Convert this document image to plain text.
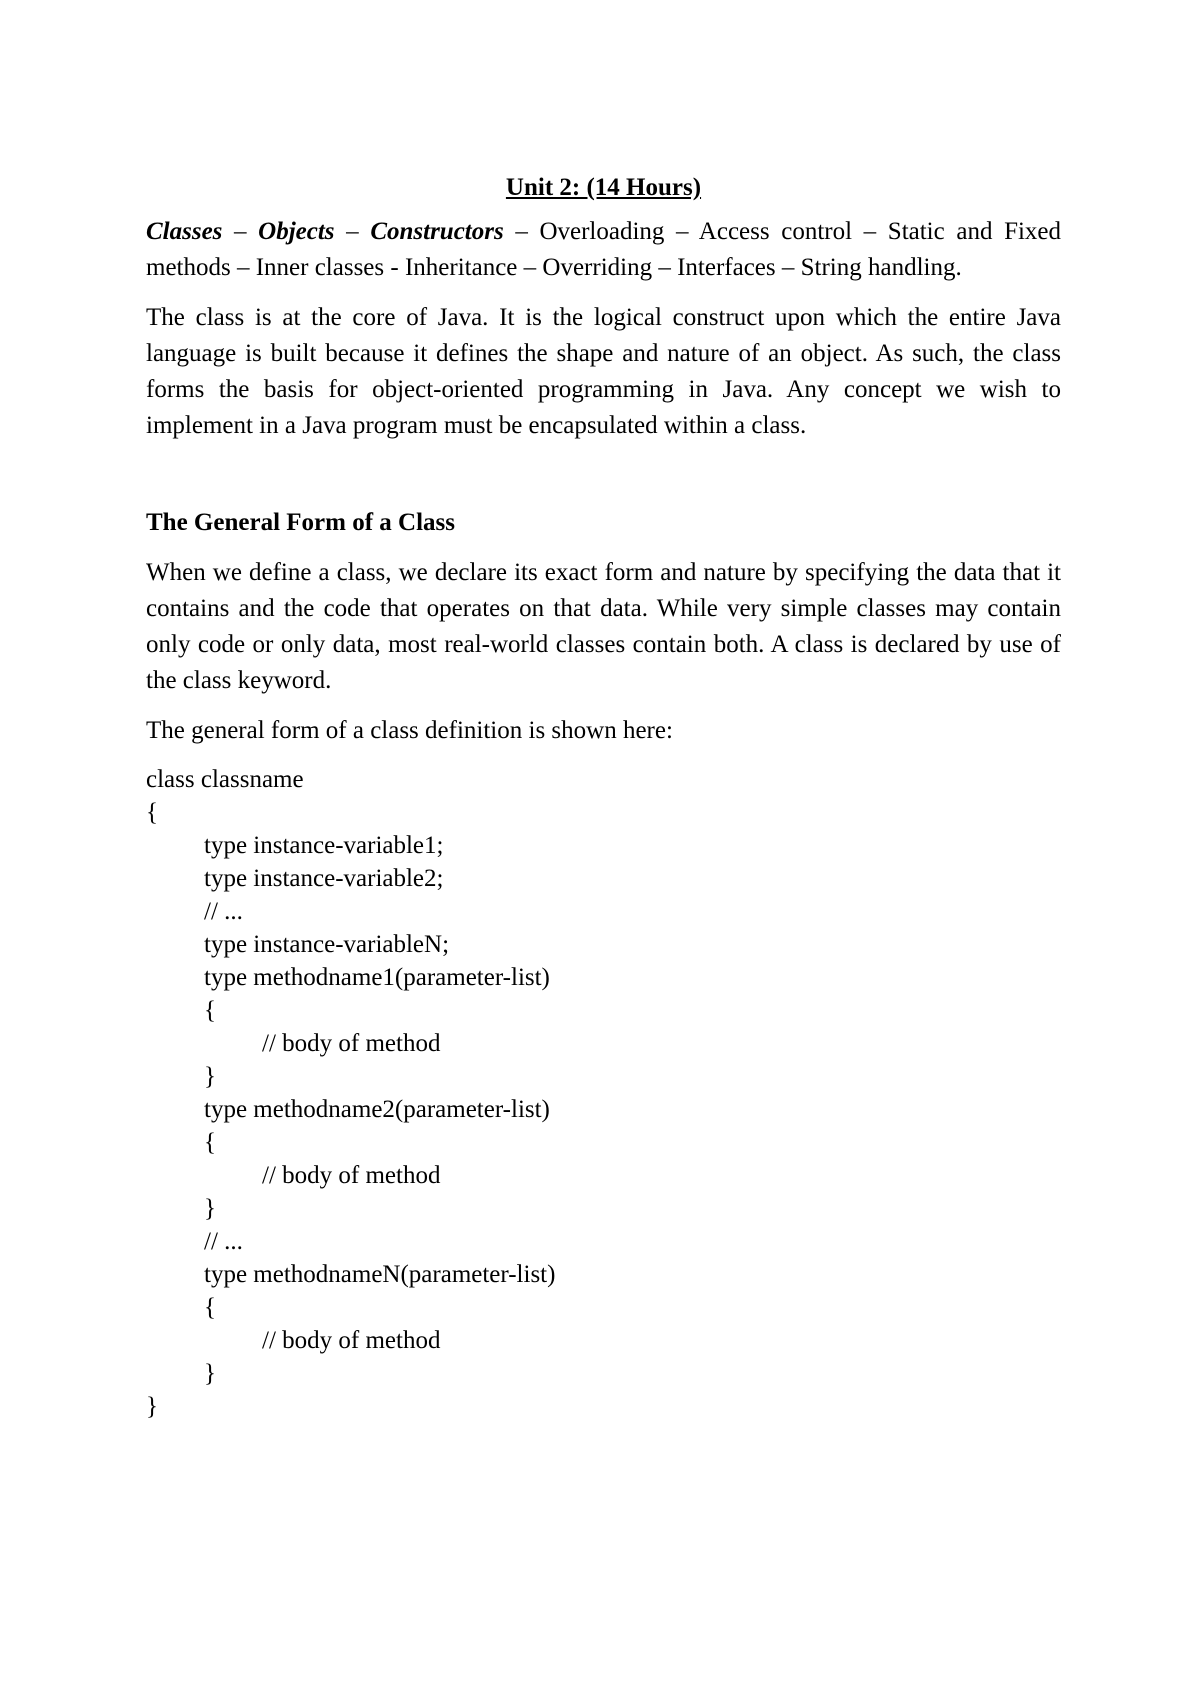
Unit 2: (14 Hours)

Classes – Objects – Constructors – Overloading – Access control – Static and Fixed methods – Inner classes - Inheritance – Overriding – Interfaces – String handling.

The class is at the core of Java. It is the logical construct upon which the entire Java language is built because it defines the shape and nature of an object. As such, the class forms the basis for object-oriented programming in Java. Any concept we wish to implement in a Java program must be encapsulated within a class.

The General Form of a Class

When we define a class, we declare its exact form and nature by specifying the data that it contains and the code that operates on that data. While very simple classes may contain only code or only data, most real-world classes contain both. A class is declared by use of the class keyword.

The general form of a class definition is shown here:

class classname
{
type instance-variable1;
type instance-variable2;
// ...
type instance-variableN;
type methodname1(parameter-list)
{
// body of method
}
type methodname2(parameter-list)
{
// body of method
}
// ...
type methodnameN(parameter-list)
{
// body of method
}
}
